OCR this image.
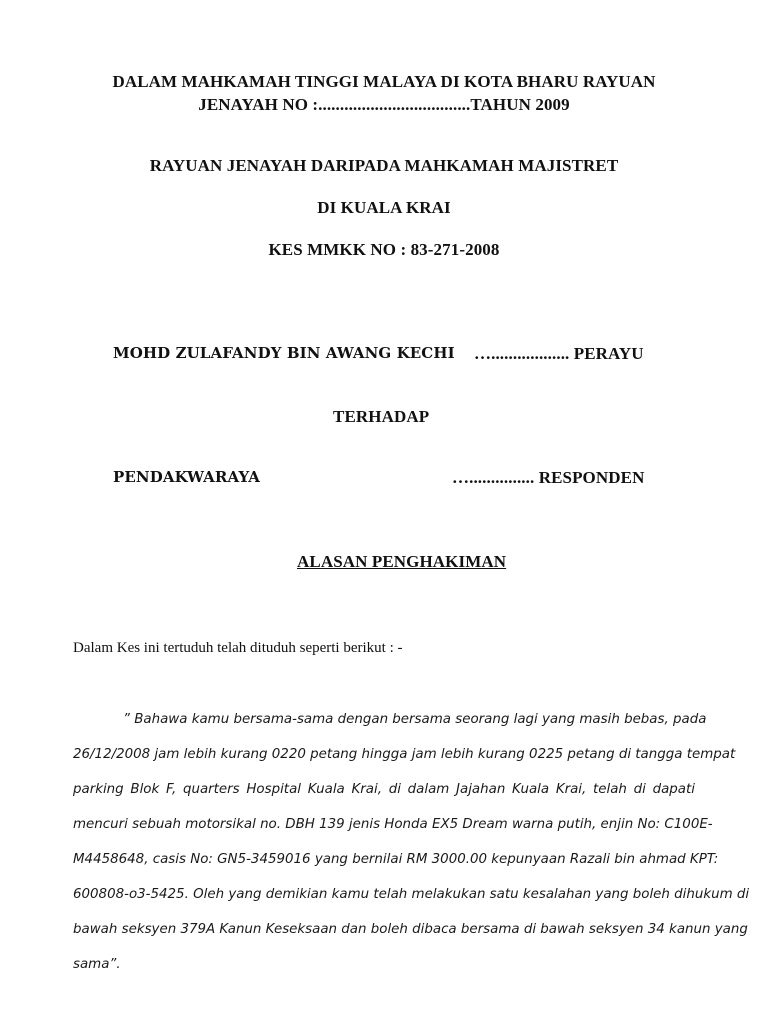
DALAM MAHKAMAH TINGGI MALAYA DI KOTA BHARU RAYUAN
JENAYAH NO :...................................TAHUN 2009
RAYUAN JENAYAH DARIPADA MAHKAMAH MAJISTRET
DI KUALA KRAI
KES MMKK NO : 83-271-2008
MOHD ZULAFANDY BIN AWANG KECHI ….................. PERAYU
TERHADAP
PENDAKWARAYA	…............... RESPONDEN
ALASAN PENGHAKIMAN
Dalam Kes ini tertuduh telah dituduh seperti berikut : -
” Bahawa kamu bersama-sama dengan bersama seorang lagi yang masih bebas, pada
26/12/2008 jam lebih kurang 0220 petang hingga jam lebih kurang 0225 petang di tangga tempat
parking Blok F, quarters Hospital Kuala Krai, di dalam Jajahan Kuala Krai, telah di dapati
mencuri sebuah motorsikal no. DBH 139 jenis Honda EX5 Dream warna putih, enjin No: C100E-
M4458648, casis No: GN5-3459016 yang bernilai RM 3000.00 kepunyaan Razali bin ahmad KPT:
600808-o3-5425. Oleh yang demikian kamu telah melakukan satu kesalahan yang boleh dihukum di
bawah seksyen 379A Kanun Keseksaan dan boleh dibaca bersama di bawah seksyen 34 kanun yang
sama”.
